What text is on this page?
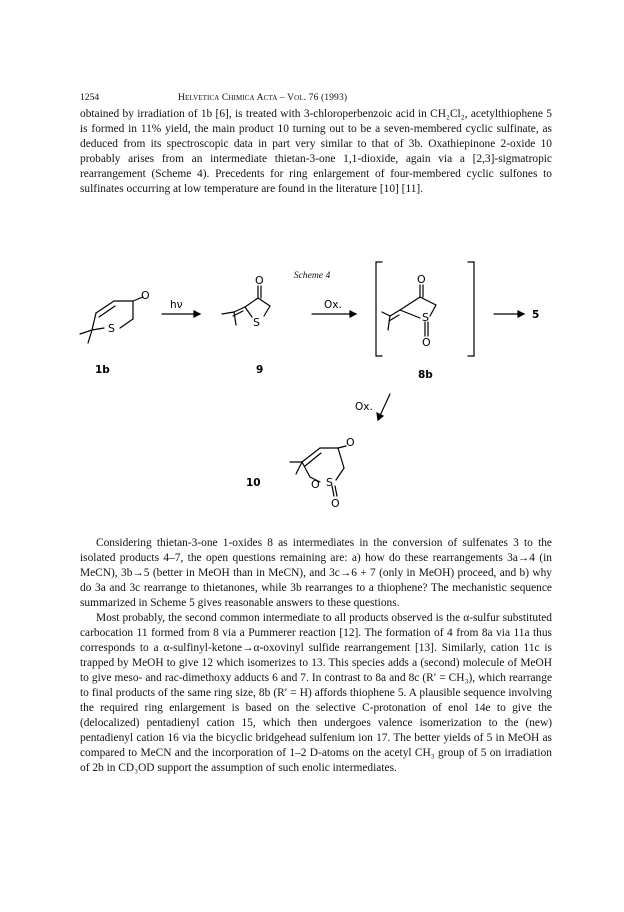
1254	Helvetica Chimica Acta – Vol. 76 (1993)

obtained by irradiation of 1b [6], is treated with 3-chloroperbenzoic acid in CH₂Cl₂, acetylthiophene 5 is formed in 11% yield, the main product 10 turning out to be a seven-membered cyclic sulfinate, as deduced from its spectroscopic data in part very similar to that of 3b. Oxathiepinone 2-oxide 10 probably arises from an intermediate thietan-3-one 1,1-dioxide, again via a [2,3]-sigmatropic rearrangement (Scheme 4). Precedents for ring enlargement of four-membered cyclic sulfones to sulfinates occurring at low temperature are found in the literature [10] [11].

Scheme 4
O
S
O
S
O
S
O
O
O S
O
hν	Ox.
Ox.
1b	9	8b
5
10

Considering thietan-3-one 1-oxides 8 as intermediates in the conversion of sulfenates 3 to the isolated products 4–7, the open questions remaining are: a) how do these rearrangements 3a→4 (in MeCN), 3b→5 (better in MeOH than in MeCN), and 3c→6 + 7 (only in MeOH) proceed, and b) why do 3a and 3c rearrange to thietanones, while 3b rearranges to a thiophene? The mechanistic sequence summarized in Scheme 5 gives reasonable answers to these questions.

Most probably, the second common intermediate to all products observed is the α-sulfur substituted carbocation 11 formed from 8 via a Pummerer reaction [12]. The formation of 4 from 8a via 11a thus corresponds to a α-sulfinyl-ketone→α-oxovinyl sulfide rearrangement [13]. Similarly, cation 11c is trapped by MeOH to give 12 which isomerizes to 13. This species adds a (second) molecule of MeOH to give meso- and rac-dimethoxy adducts 6 and 7. In contrast to 8a and 8c (R′ = CH₃), which rearrange to final products of the same ring size, 8b (R′ = H) affords thiophene 5. A plausible sequence involving the required ring enlargement is based on the selective C-protonation of enol 14e to give the (delocalized) pentadienyl cation 15, which then undergoes valence isomerization to the (new) pentadienyl cation 16 via the bicyclic bridgehead sulfenium ion 17. The better yields of 5 in MeOH as compared to MeCN and the incorporation of 1–2 D-atoms on the acetyl CH₃ group of 5 on irradiation of 2b in CD₃OD support the assumption of such enolic intermediates.
